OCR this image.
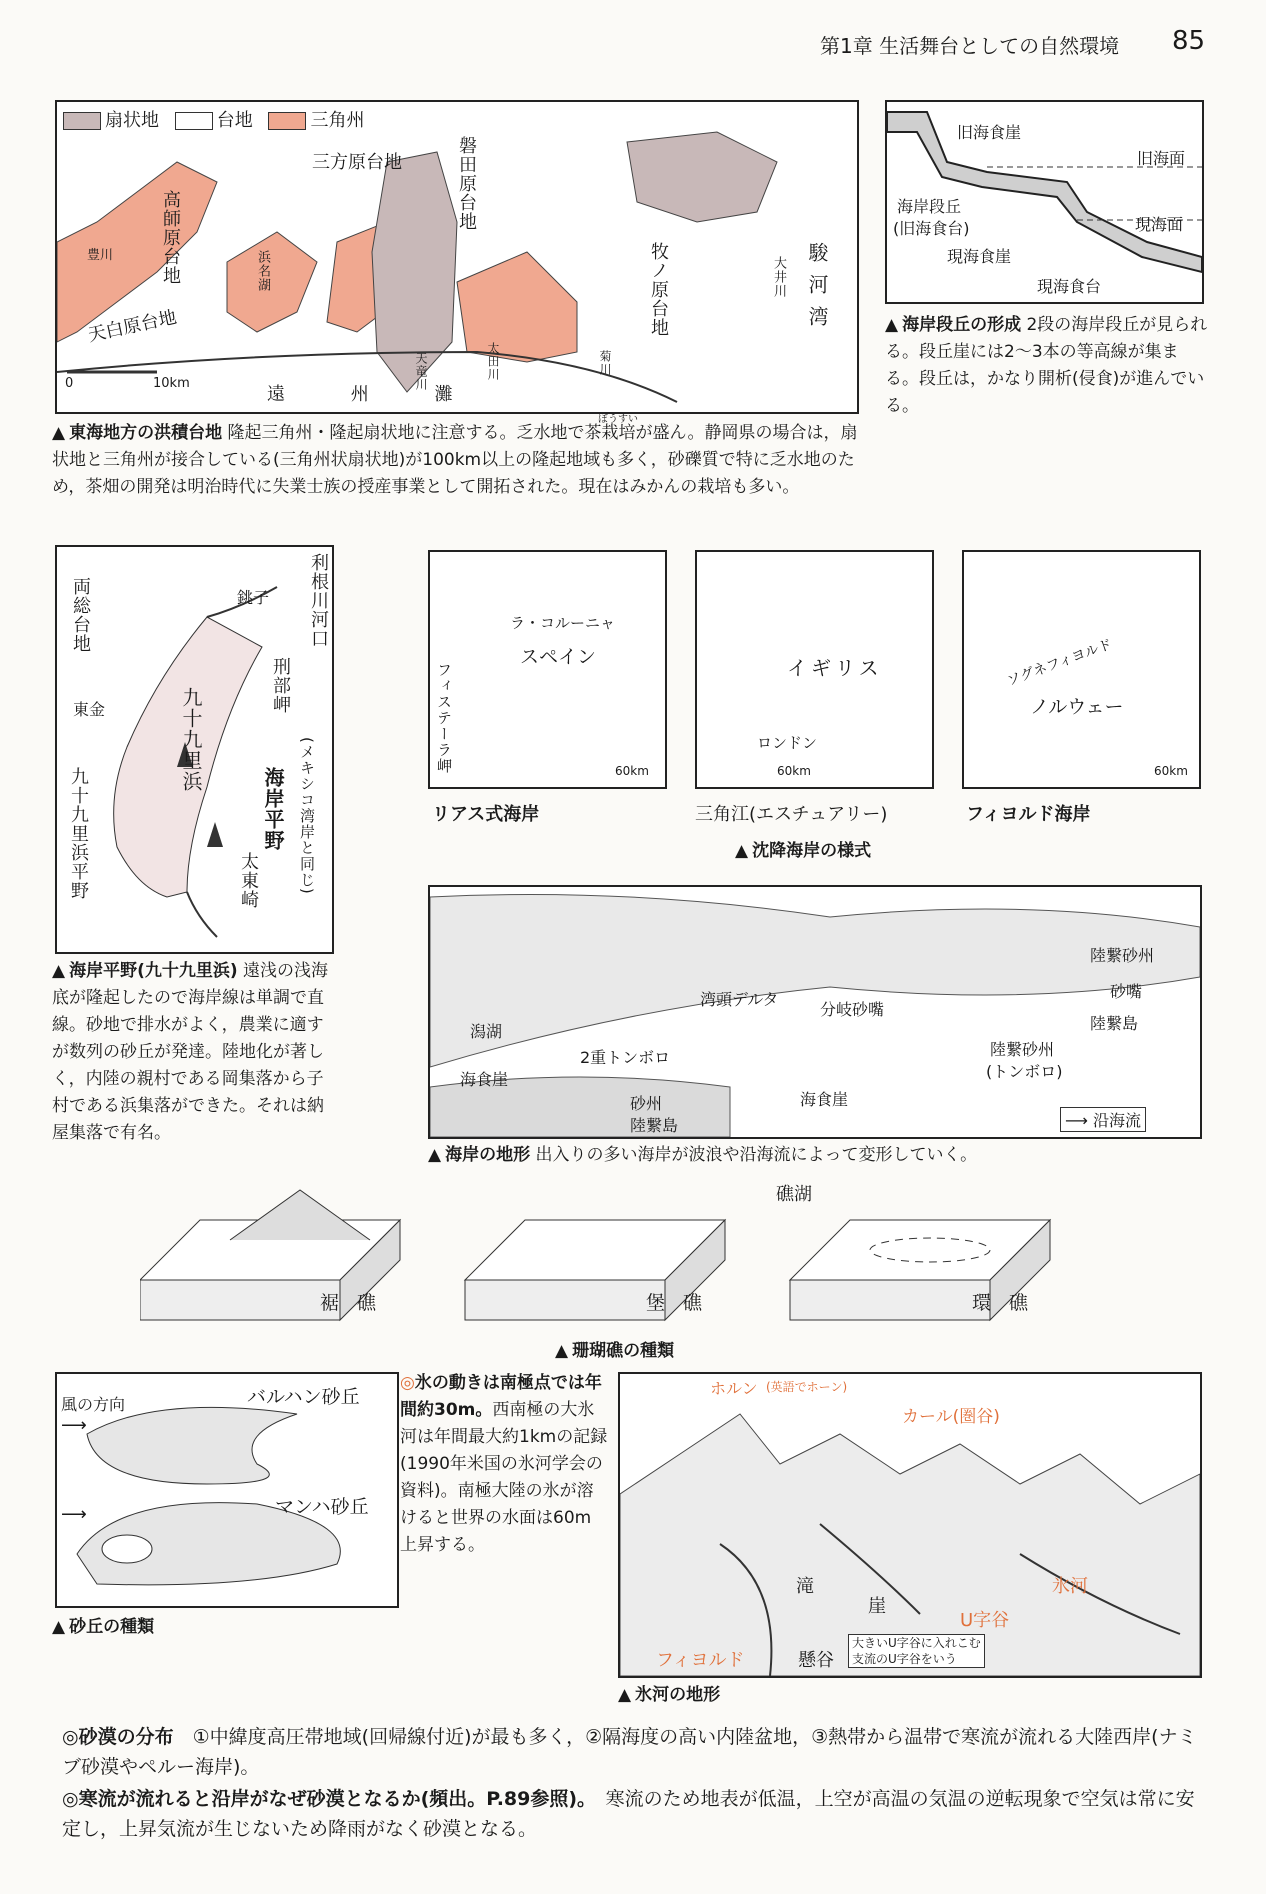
第1章 生活舞台としての自然環境 85
扇状地	台地	三角州
三方原台地	磐田原台地
高師原台地
牧ノ原台地
天白原台地
浜名湖
豊川
天竜川	太田川	菊川
大井川 駿河湾
遠 州 灘
0	10km
ぼうすい
▲ 東海地方の洪積台地 隆起三角州・隆起扇状地に注意する。乏水地で茶栽培が盛ん。静岡県の場合は，扇状地と三角州が接合している(三角州状扇状地)が100km以上の隆起地域も多く，砂礫質で特に乏水地のため，茶畑の開発は明治時代に失業士族の授産事業として開拓された。現在はみかんの栽培も多い。
旧海食崖
旧海面
海岸段丘
(旧海食台)	現海面
現海食崖
現海食台
▲ 海岸段丘の形成 2段の海岸段丘が見られる。段丘崖には2～3本の等高線が集まる。段丘は，かなり開析(侵食)が進んでいる。
両総台地	利根川河口
銚子
刑部岬
東金	九十九里浜
九十九里浜平野	海岸平野 (メキシコ湾岸と同じ)
太東崎
▲ 海岸平野(九十九里浜) 遠浅の浅海底が隆起したので海岸線は単調で直線。砂地で排水がよく，農業に適すが数列の砂丘が発達。陸地化が著しく，内陸の親村である岡集落から子村である浜集落ができた。それは納屋集落で有名。
ラ・コルーニャ
スペイン
フィステーラ岬	60km
リアス式海岸
イギリス
ロンドン
60km
三角江(エスチュアリー)
ソグネフィヨルド
ノルウェー
60km
フィヨルド海岸
▲ 沈降海岸の様式
陸繋砂州
砂嘴
湾頭デルタ
分岐砂嘴
潟湖
2重トンボロ
海食崖
砂州
陸繋島
陸繋砂州
(トンボロ)
陸繋島
海食崖
⟶ 沿海流
▲ 海岸の地形 出入りの多い海岸が波浪や沿海流によって変形していく。
裾 礁	堡 礁	環 礁
礁湖
▲ 珊瑚礁の種類
風の方向
⟶
バルハン砂丘
マンハ砂丘
⟶
▲ 砂丘の種類
◎氷の動きは南極点では年間約30m。西南極の大氷河は年間最大約1kmの記録(1990年米国の氷河学会の資料)。南極大陸の氷が溶けると世界の水面は60m上昇する。
ホルン (英語でホーン)
カール(圏谷)
滝
崖
氷河
U字谷
フィヨルド	懸谷
大きいU字谷に入れこむ
支流のU字谷をいう
▲ 氷河の地形
◎砂漠の分布　 ①中緯度高圧帯地域(回帰線付近)が最も多く，②隔海度の高い内陸盆地，③熱帯から温帯で寒流が流れる大陸西岸(ナミブ砂漠やペルー海岸)。
◎寒流が流れると沿岸がなぜ砂漠となるか(頻出。P.89参照)。　 寒流のため地表が低温，上空が高温の気温の逆転現象で空気は常に安定し，上昇気流が生じないため降雨がなく砂漠となる。
